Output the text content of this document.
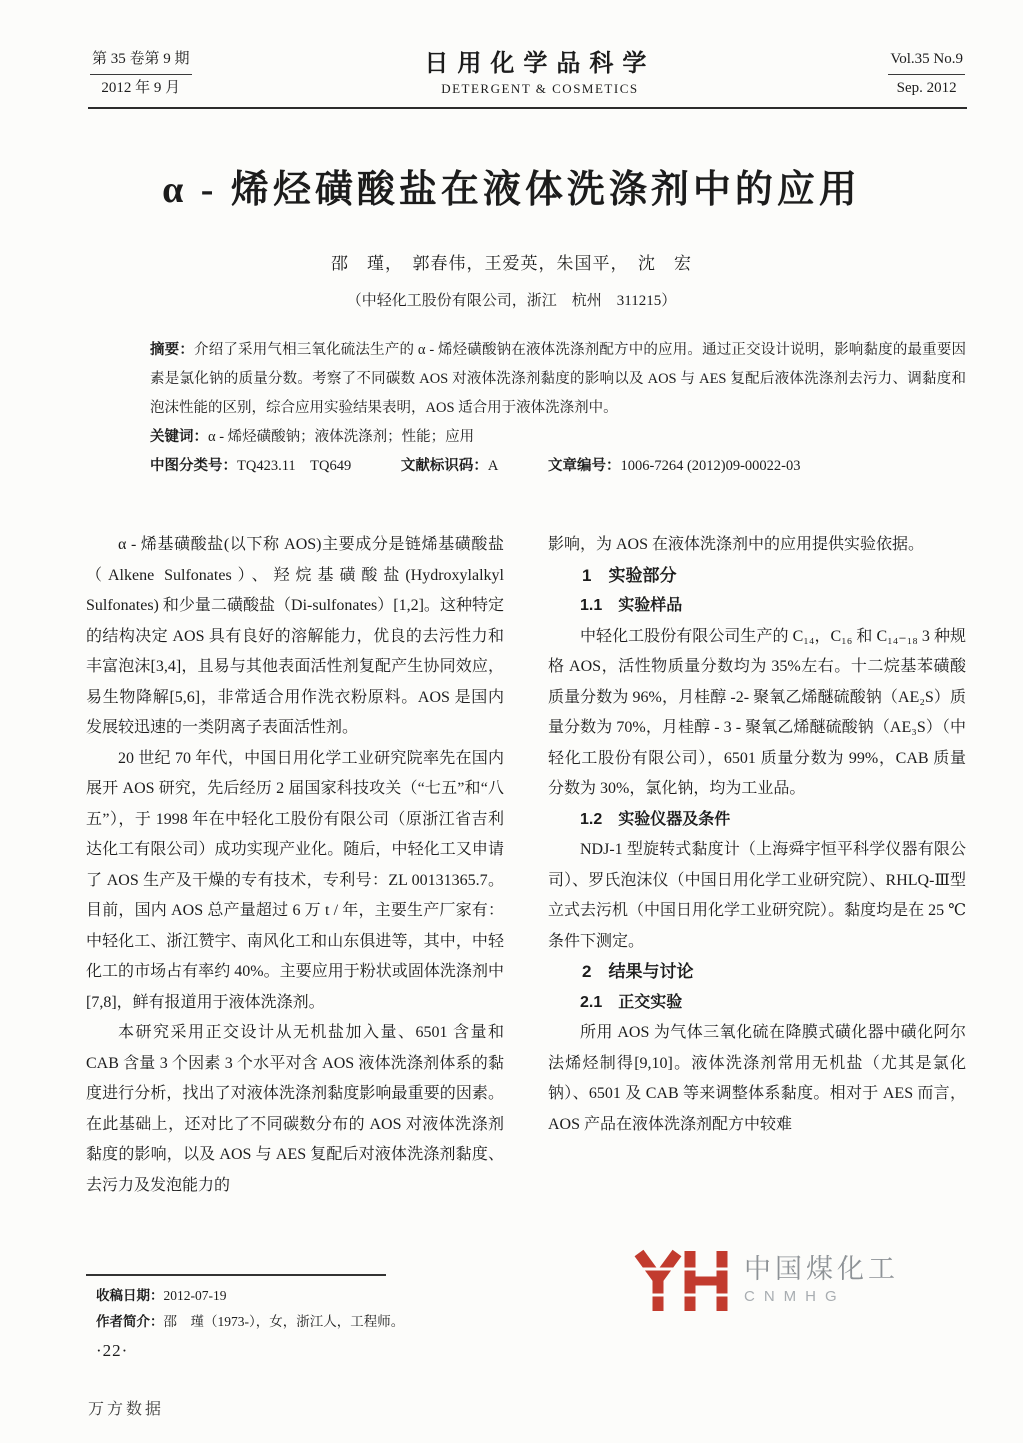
第 35 卷第 9 期
2012 年 9 月
日用化学品科学
DETERGENT & COSMETICS
Vol.35 No.9
Sep. 2012
α - 烯烃磺酸盐在液体洗涤剂中的应用
邵　瑾，　郭春伟，王爱英，朱国平，　沈　宏
（中轻化工股份有限公司，浙江　杭州　311215）

摘要：介绍了采用气相三氧化硫法生产的 α - 烯烃磺酸钠在液体洗涤剂配方中的应用。通过正交设计说明，影响黏度的最重要因素是氯化钠的质量分数。考察了不同碳数 AOS 对液体洗涤剂黏度的影响以及 AOS 与 AES 复配后液体洗涤剂去污力、调黏度和泡沫性能的区别，综合应用实验结果表明，AOS 适合用于液体洗涤剂中。

关键词：α - 烯烃磺酸钠；液体洗涤剂；性能；应用

中图分类号：TQ423.11　TQ649	文献标识码：A	文章编号：1006-7264 (2012)09-00022-03

α - 烯基磺酸盐(以下称 AOS)主要成分是链烯基磺酸盐（Alkene Sulfonates）、羟烷基磺酸盐(Hydroxylalkyl Sulfonates) 和少量二磺酸盐（Di-sulfonates）[1,2]。这种特定的结构决定 AOS 具有良好的溶解能力，优良的去污性力和丰富泡沫[3,4]，且易与其他表面活性剂复配产生协同效应，易生物降解[5,6]，非常适合用作洗衣粉原料。AOS 是国内发展较迅速的一类阴离子表面活性剂。

20 世纪 70 年代，中国日用化学工业研究院率先在国内展开 AOS 研究，先后经历 2 届国家科技攻关（“七五”和“八五”），于 1998 年在中轻化工股份有限公司（原浙江省吉利达化工有限公司）成功实现产业化。随后，中轻化工又申请了 AOS 生产及干燥的专有技术，专利号：ZL 00131365.7。目前，国内 AOS 总产量超过 6 万 t / 年，主要生产厂家有：中轻化工、浙江赞宇、南风化工和山东俱进等，其中，中轻化工的市场占有率约 40%。主要应用于粉状或固体洗涤剂中[7,8]，鲜有报道用于液体洗涤剂。

本研究采用正交设计从无机盐加入量、6501 含量和 CAB 含量 3 个因素 3 个水平对含 AOS 液体洗涤剂体系的黏度进行分析，找出了对液体洗涤剂黏度影响最重要的因素。在此基础上，还对比了不同碳数分布的 AOS 对液体洗涤剂黏度的影响，以及 AOS 与 AES 复配后对液体洗涤剂黏度、去污力及发泡能力的

影响，为 AOS 在液体洗涤剂中的应用提供实验依据。

1　实验部分

1.1　实验样品

中轻化工股份有限公司生产的 C₁₄，C₁₆ 和 C₁₄₋₁₈ 3 种规格 AOS，活性物质量分数均为 35%左右。十二烷基苯磺酸质量分数为 96%，月桂醇 -2- 聚氧乙烯醚硫酸钠（AE₂S）质量分数为 70%，月桂醇 - 3 - 聚氧乙烯醚硫酸钠（AE₃S）（中轻化工股份有限公司），6501 质量分数为 99%，CAB 质量分数为 30%，氯化钠，均为工业品。

1.2　实验仪器及条件

NDJ-1 型旋转式黏度计（上海舜宇恒平科学仪器有限公司）、罗氏泡沫仪（中国日用化学工业研究院）、RHLQ-Ⅲ型立式去污机（中国日用化学工业研究院）。黏度均是在 25 ℃条件下测定。

2　结果与讨论

2.1　正交实验

所用 AOS 为气体三氧化硫在降膜式磺化器中磺化阿尔法烯烃制得[9,10]。液体洗涤剂常用无机盐（尤其是氯化钠）、6501 及 CAB 等来调整体系黏度。相对于 AES 而言，AOS 产品在液体洗涤剂配方中较难

收稿日期：2012-07-19
作者简介：邵　瑾（1973-），女，浙江人，工程师。
·22·
万方数据
中国煤化工
CNMHG
